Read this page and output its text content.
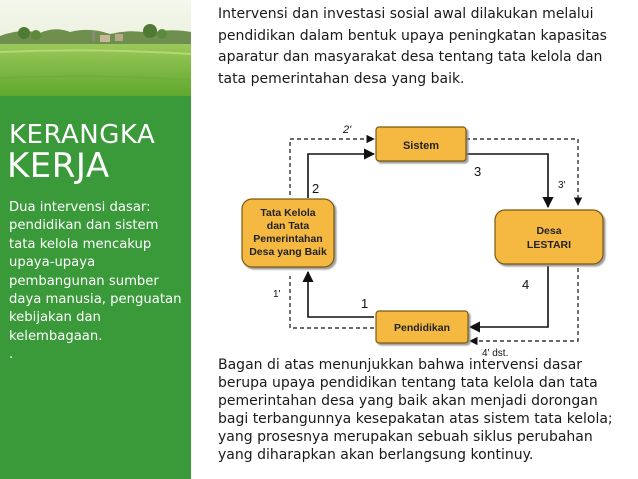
KERANGKA
KERJA

Dua intervensi dasar: pendidikan dan sistem tata kelola mencakup upaya-upaya pembangunan sumber daya manusia, penguatan kebijakan dan kelembagaan.

.

Intervensi dan investasi sosial awal dilakukan melalui pendidikan dalam bentuk upaya peningkatan kapasitas aparatur dan masyarakat desa tentang tata kelola dan tata pemerintahan desa yang baik.
Sistem
Tata Kelola
dan Tata
Pemerintahan
Desa yang Baik
Desa
LESTARI
Pendidikan
2'
2
3
3'
4
1
1'
4' dst.
Bagan di atas menunjukkan bahwa intervensi dasar berupa upaya pendidikan tentang tata kelola dan tata pemerintahan desa yang baik akan menjadi dorongan bagi terbangunnya kesepakatan atas sistem tata kelola; yang prosesnya merupakan sebuah siklus perubahan yang diharapkan akan berlangsung kontinuy.
